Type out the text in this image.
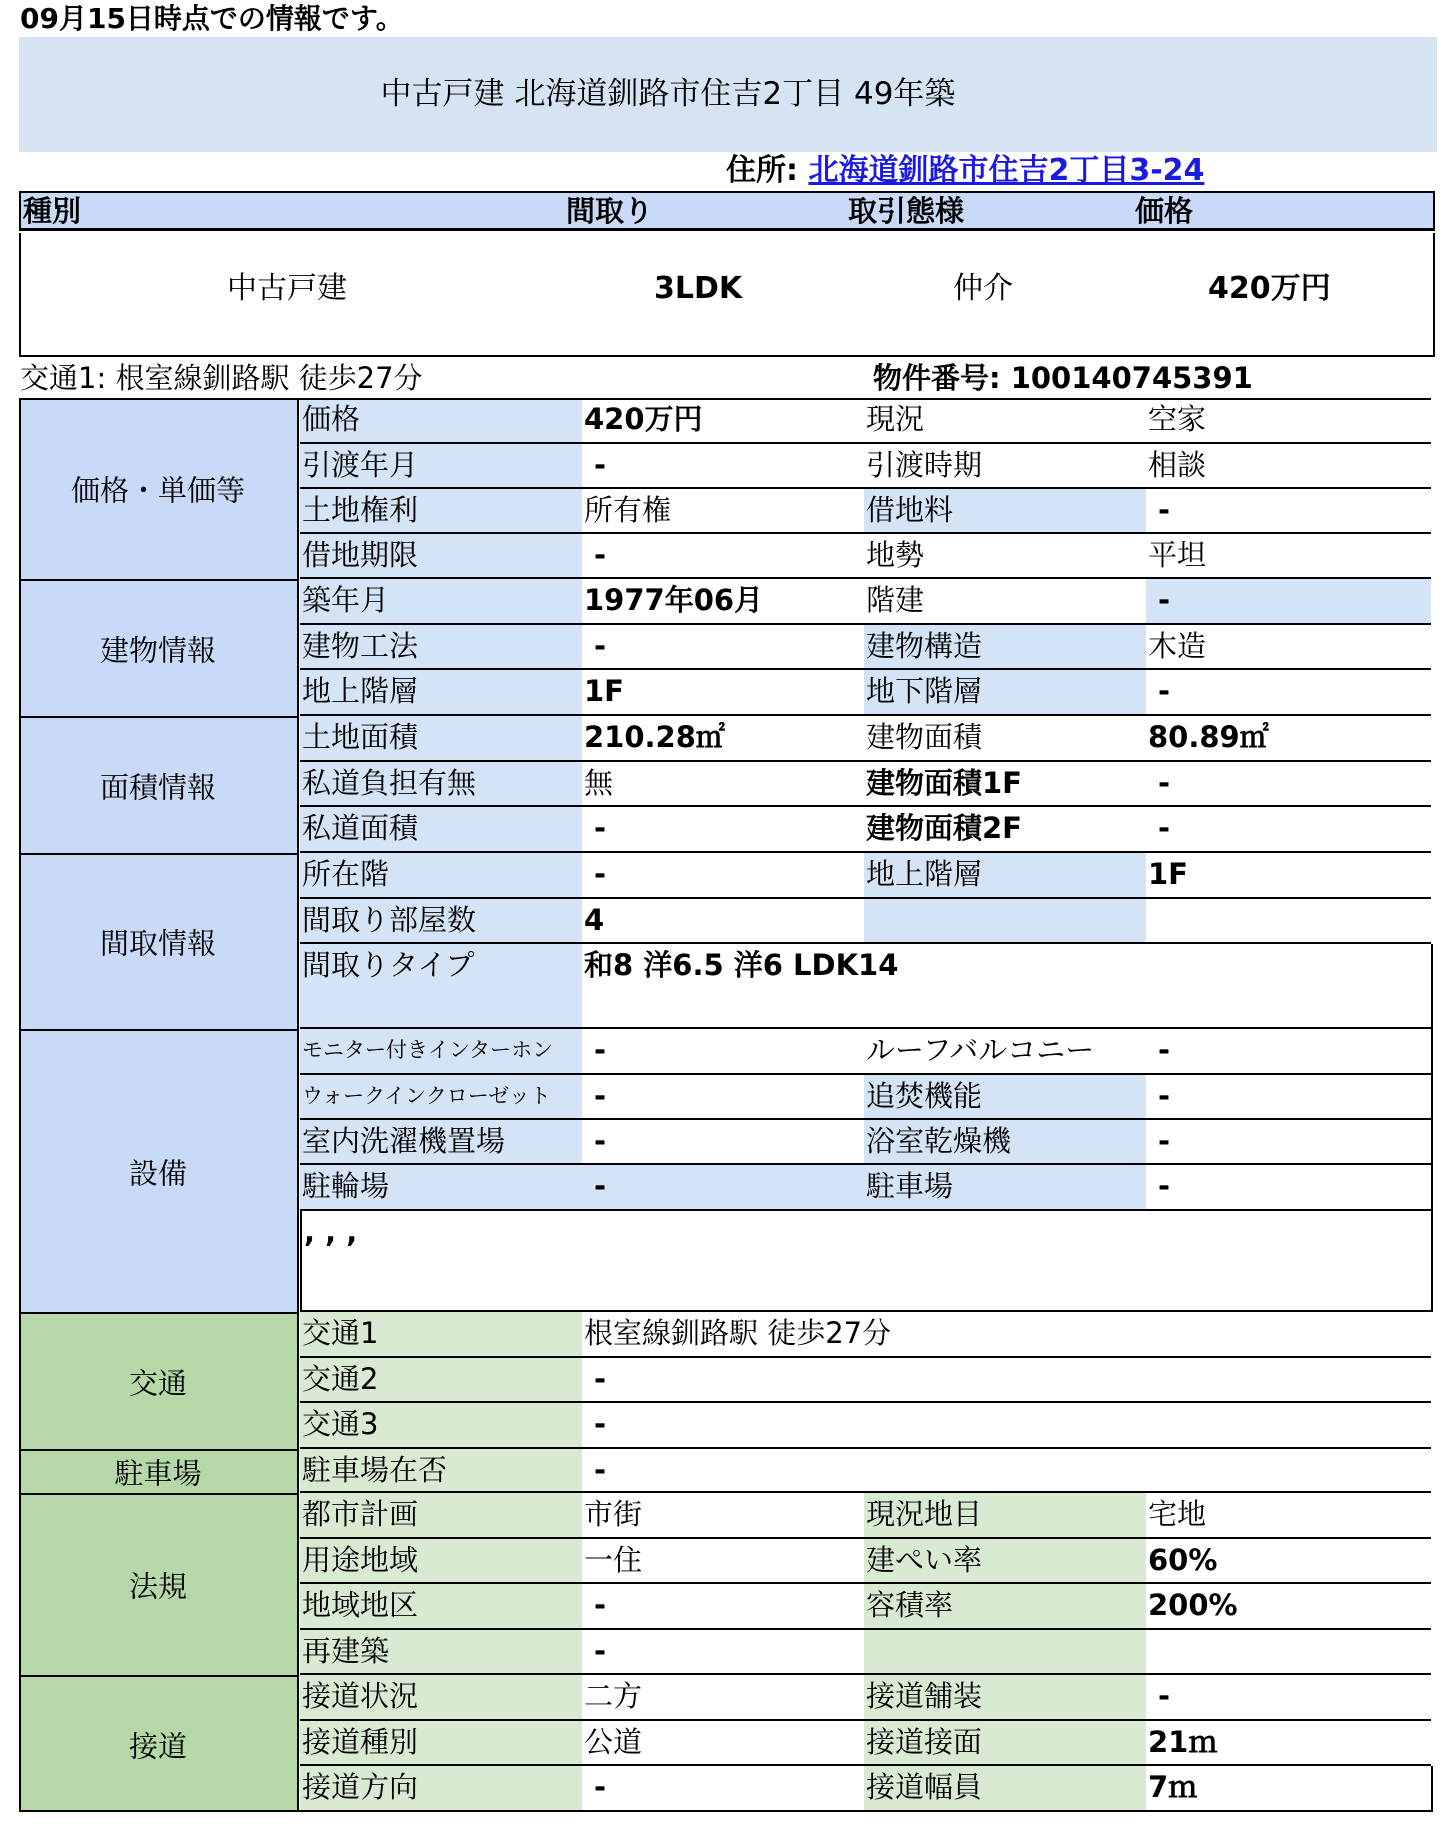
09月15日時点での情報です。
中古戸建 北海道釧路市住吉2丁目 49年築
住所: 北海道釧路市住吉2丁目3-24
種別	間取り	取引態様	価格
中古戸建	3LDK	仲介	420万円
交通1: 根室線釧路駅 徒歩27分	物件番号: 100140745391
価格・単価等
価格	420万円	現況	空家
引渡年月	-	引渡時期	相談
土地権利	所有権	借地料	-
借地期限	-	地勢	平坦
建物情報
築年月	1977年06月	階建	-
建物工法	-	建物構造	木造
地上階層	1F	地下階層	-
面積情報
土地面積	210.28㎡	建物面積	80.89㎡
私道負担有無	無	建物面積1F	-
私道面積	-	建物面積2F	-
間取情報
所在階	-	地上階層	1F
間取り部屋数	4
間取りタイプ	和8 洋6.5 洋6 LDK14
設備
モニター付きインターホン	-	ルーフバルコニー	-
ウォークインクローゼット	-	追焚機能	-
室内洗濯機置場	-	浴室乾燥機	-
駐輪場	-	駐車場	-
, , ,
交通
交通1	根室線釧路駅 徒歩27分
交通2	-
交通3	-
駐車場	駐車場在否	-
法規
都市計画	市街	現況地目	宅地
用途地域	一住	建ぺい率	60%
地域地区	-	容積率	200%
再建築	-
接道
接道状況	二方	接道舗装	-
接道種別	公道	接道接面	21ｍ
接道方向	-	接道幅員	7ｍ
